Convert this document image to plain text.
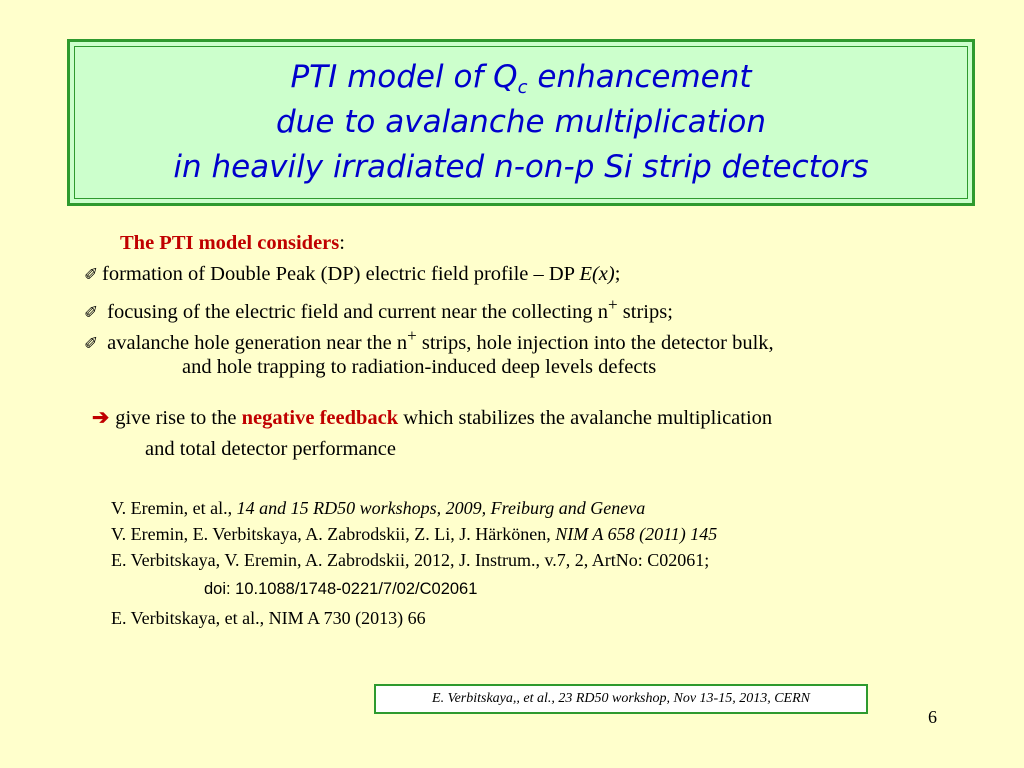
PTI model of $Q_c$ enhancement
due to avalanche multiplication
in heavily irradiated n-on-p Si strip detectors
The PTI model considers:
✐ formation of Double Peak (DP) electric field profile – DP E(x);
✐ focusing of the electric field and current near the collecting n+ strips;
✐ avalanche hole generation near the n+ strips, hole injection into the detector bulk,
and hole trapping to radiation-induced deep levels defects
➔ give rise to the negative feedback which stabilizes the avalanche multiplication
and total detector performance
V. Eremin, et al., 14 and 15 RD50 workshops, 2009, Freiburg and Geneva
V. Eremin, E. Verbitskaya, A. Zabrodskii, Z. Li, J. Härkönen, NIM A 658 (2011) 145
E. Verbitskaya, V. Eremin, A. Zabrodskii, 2012, J. Instrum., v.7, 2, ArtNo: C02061;
doi: 10.1088/1748-0221/7/02/C02061
E. Verbitskaya, et al., NIM A 730 (2013) 66
E. Verbitskaya,, et al., 23 RD50 workshop, Nov 13-15, 2013, CERN
6
